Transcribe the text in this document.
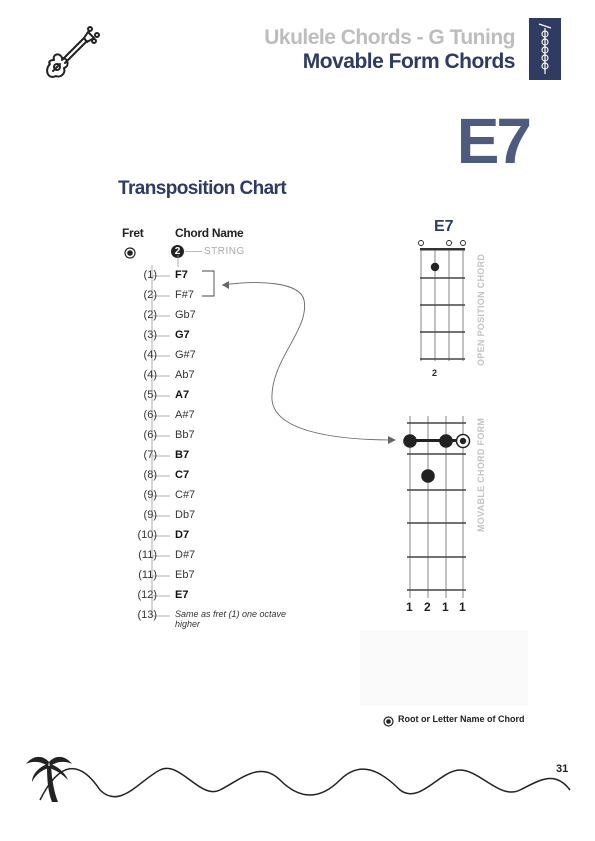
Ukulele Chords - G Tuning
Movable Form Chords
E7
Transposition Chart
Fret	Chord Name
2	STRING
(1) F7
(2) F#7
(2) Gb7
(3) G7
(4) G#7
(4) Ab7
(5) A7
(6) A#7
(6) Bb7
(7) B7
(8) C7
(9) C#7
(9) Db7
(10) D7
(11) D#7
(11) Eb7
(12) E7
(13) Same as fret (1) one octave higher
E7
2
OPEN POSITION CHORD
MOVABLE CHORD FORM
1 2 1 1
Root or Letter Name of Chord
31
